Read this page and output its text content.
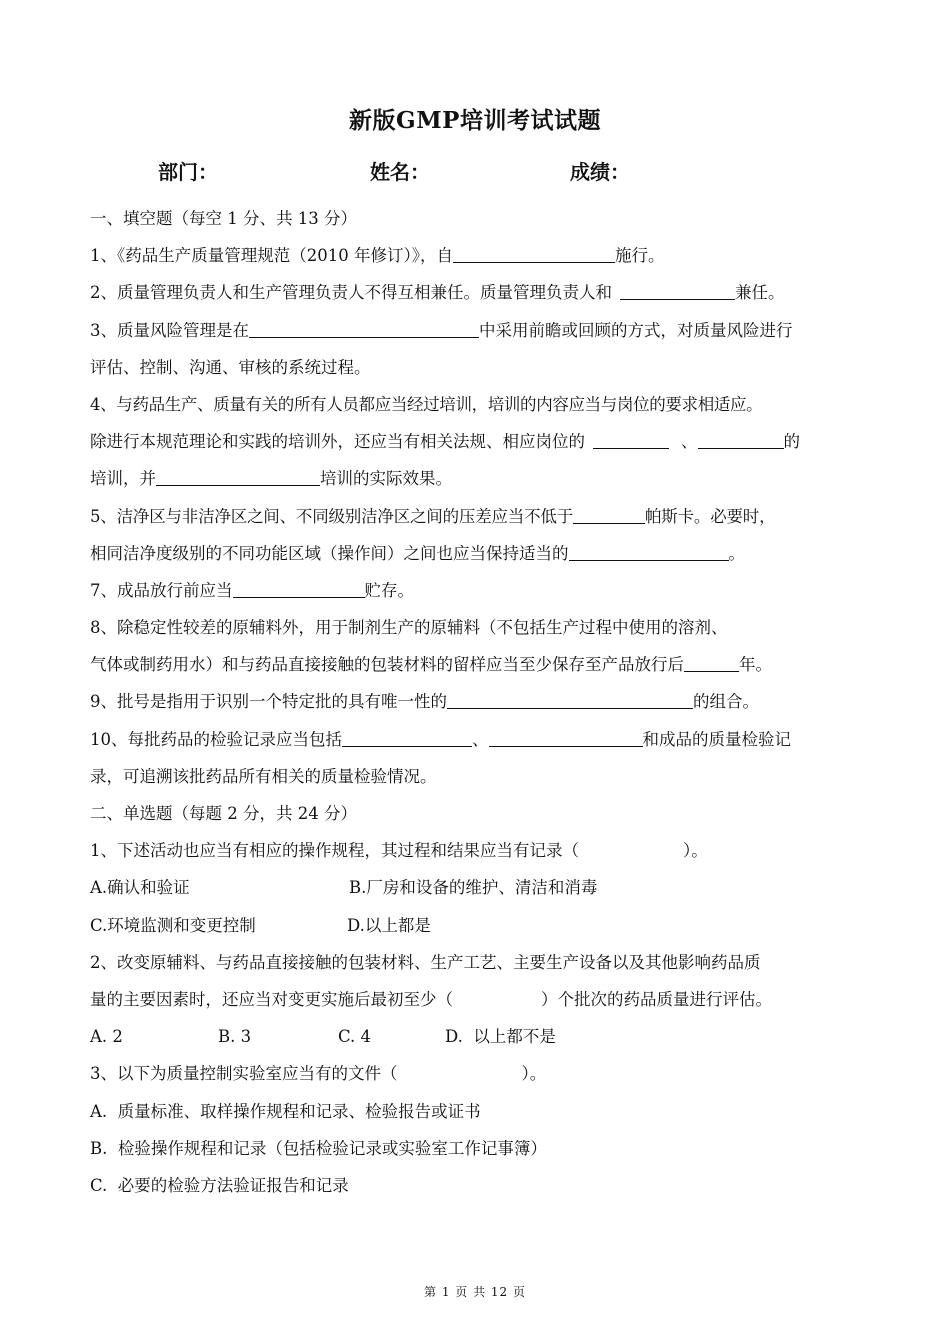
新版GMP培训考试试题
部门：	姓名：	成绩：
一、填空题（每空 1 分、共 13 分）
1、《药品生产质量管理规范（2010 年修订）》，自	施行。
2、质量管理负责人和生产管理负责人不得互相兼任。质量管理负责人和	兼任。
3、质量风险管理是在	中采用前瞻或回顾的方式，对质量风险进行
评估、控制、沟通、审核的系统过程。
4、与药品生产、质量有关的所有人员都应当经过培训，培训的内容应当与岗位的要求相适应。
除进行本规范理论和实践的培训外，还应当有相关法规、相应岗位的	、	的
培训，并	培训的实际效果。
5、洁净区与非洁净区之间、不同级别洁净区之间的压差应当不低于	帕斯卡。必要时，
相同洁净度级别的不同功能区域（操作间）之间也应当保持适当的	。
7、成品放行前应当	贮存。
8、除稳定性较差的原辅料外，用于制剂生产的原辅料（不包括生产过程中使用的溶剂、
气体或制药用水）和与药品直接接触的包装材料的留样应当至少保存至产品放行后	年。
9、批号是指用于识别一个特定批的具有唯一性的	的组合。
10、每批药品的检验记录应当包括	、	和成品的质量检验记
录，可追溯该批药品所有相关的质量检验情况。
二、单选题（每题 2 分，共 24 分）
1、下述活动也应当有相应的操作规程，其过程和结果应当有记录（	）。
A.确认和验证	B.厂房和设备的维护、清洁和消毒
C.环境监测和变更控制	D.以上都是
2、改变原辅料、与药品直接接触的包装材料、生产工艺、主要生产设备以及其他影响药品质
量的主要因素时，还应当对变更实施后最初至少（	）个批次的药品质量进行评估。
A. 2	B. 3	C. 4	D.  以上都不是
3、以下为质量控制实验室应当有的文件（	）。
A.  质量标准、取样操作规程和记录、检验报告或证书
B.  检验操作规程和记录（包括检验记录或实验室工作记事簿）
C.  必要的检验方法验证报告和记录
第 1 页 共 12 页
